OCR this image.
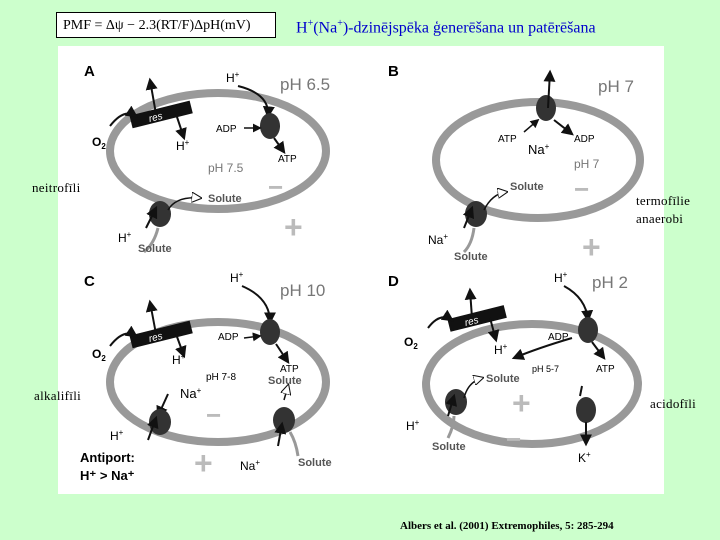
PMF = Δψ − 2.3(RT/F)ΔpH(mV)	H+(Na+)-dzinējspēka ģenerēšana un patērēšana
A
pH 6.5
pH 7.5
res
$O_2$	H+
H+
ADP
ATP
Solute
H+
Solute
−
+
B
pH 7
pH 7
ATP	ADP
Na+
Solute
Na+
Solute
−
+
C	pH 10
pH 7-8
res
$O_2$	H+
H+
ADP
ATP
Solute
Na+
H+
Antiport:
H⁺ > Na⁺
Na+	Solute
−
+
D	pH 2
pH 5-7
res
$O_2$	H+
H+
ADP
ATP
Solute
H+
Solute
K+
+
−
neitrofīli
termofīlie
anaerobi
alkalifīli
acidofīli
Albers et al. (2001) Extremophiles, 5: 285-294
